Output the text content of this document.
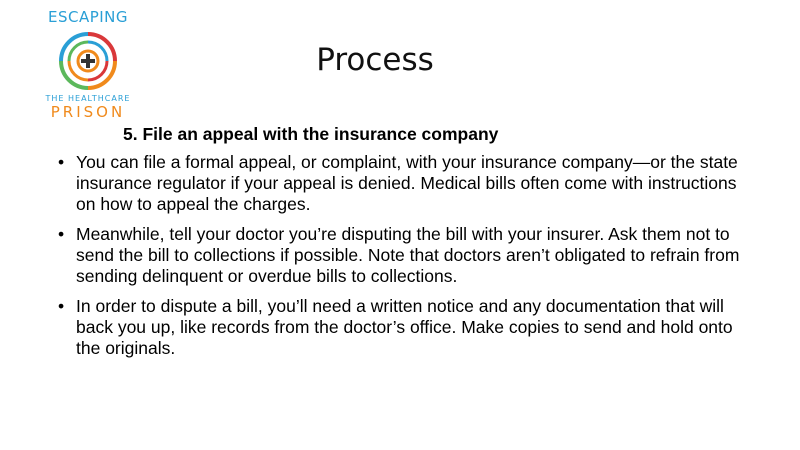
ESCAPING
THE HEALTHCARE
PRISON
Process
5. File an appeal with the insurance company
• You can file a formal appeal, or complaint, with your insurance company—or the state insurance regulator if your appeal is denied. Medical bills often come with instructions on how to appeal the charges.
• Meanwhile, tell your doctor you’re disputing the bill with your insurer. Ask them not to send the bill to collections if possible. Note that doctors aren’t obligated to refrain from sending delinquent or overdue bills to collections.
• In order to dispute a bill, you’ll need a written notice and any documentation that will back you up, like records from the doctor’s office. Make copies to send and hold onto the originals.
